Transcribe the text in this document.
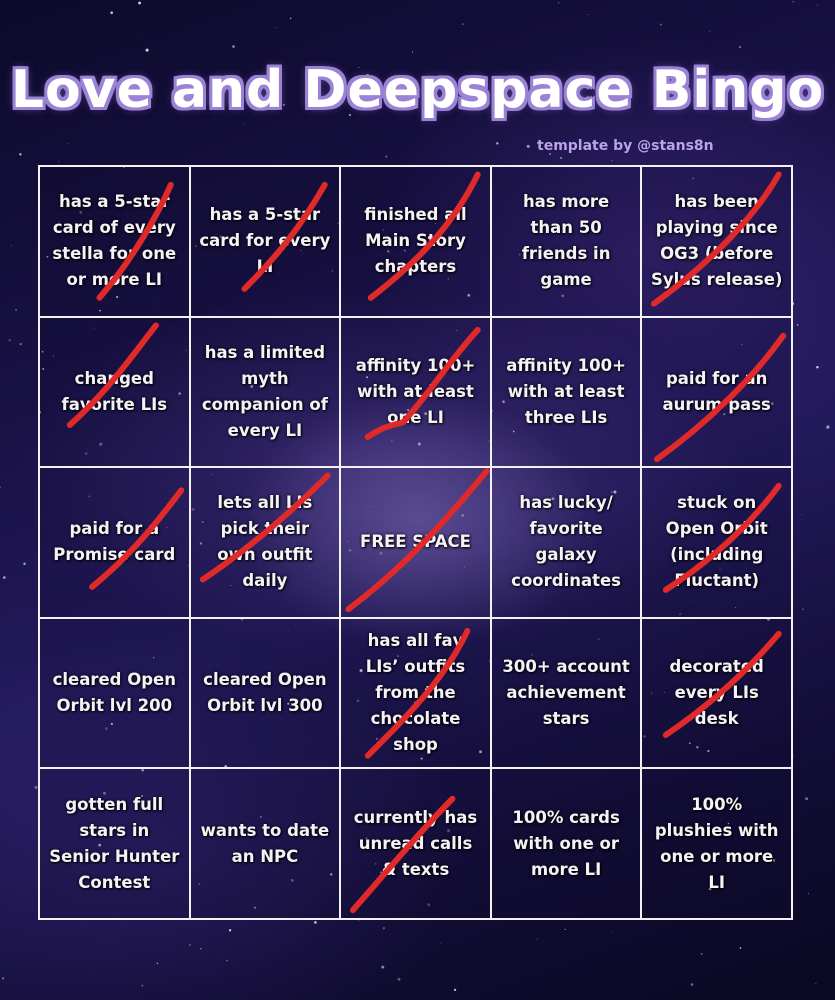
Love and Deepspace Bingo
template by @stans8n
has a 5-star card of every stella for one or more LI
has a 5-star card for every LI
finished all Main Story chapters
has more than 50 friends in game
has been playing since OG3 (before Sylus release)
changed favorite LIs
has a limited myth companion of every LI
affinity 100+ with at least one LI
affinity 100+ with at least three LIs
paid for an aurum pass
paid for a Promise card
lets all LIs pick their own outfit daily
FREE SPACE
has lucky/ favorite galaxy coordinates
stuck on Open Orbit (including Fluctant)
cleared Open Orbit lvl 200
cleared Open Orbit lvl 300
has all fav LIs’ outfits from the chocolate shop
300+ account achievement stars
decorated every LIs desk
gotten full stars in Senior Hunter Contest
wants to date an NPC
currently has unread calls & texts
100% cards with one or more LI
100% plushies with one or more LI
